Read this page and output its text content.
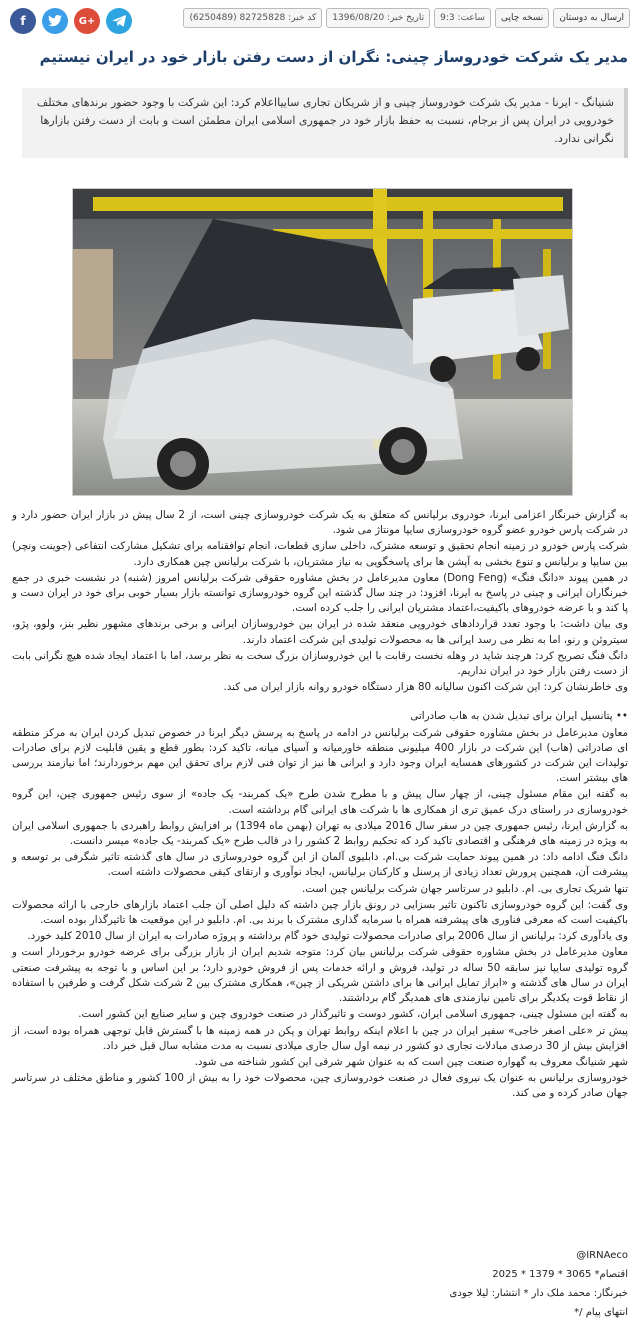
f	G+	کد خبر: 82725828 (6250489)	تاریخ خبر: 1396/08/20	ساعت: 9:3	نسخه چاپی	ارسال به دوستان
مدیر یک شرکت خودروساز چینی: نگران از دست رفتن بازار خود در ایران نیستیم
شنیانگ - ایرنا - مدیر یک شرکت خودروساز چینی و از شریکان تجاری ساییااعلام کرد: این شرکت با وجود حضور برندهای مختلف خودرویی در ایران پس از برجام، نسبت به حفظ بازار خود در جمهوری اسلامی ایران مطمئن است و بابت از دست رفتن بازارها نگرانی ندارد.

به گزارش خبرنگار اعزامی ایرنا، خودروی برلیانس که متعلق به یک شرکت خودروسازی چینی است، از 2 سال پیش در بازار ایران حضور دارد و در شرکت پارس خودرو عضو گروه خودروسازی سایپا مونتاژ می شود.

شرکت پارس خودرو در زمینه انجام تحقیق و توسعه مشترک، داخلی سازی قطعات، انجام توافقنامه برای تشکیل مشارکت انتفاعی (جوینت ونچر) بین سایپا و برلیانس و تنوع بخشی به آپشن ها برای پاسخگویی به نیاز مشتریان، با شرکت برلیانس چین همکاری دارد.

در همین پیوند «دانگ فنگ» (Dong Feng) معاون مدیرعامل در بخش مشاوره حقوقی شرکت برلیانس امروز (شنبه) در نشست خبری در جمع خبرنگاران ایرانی و چینی در پاسخ به ایرنا، افزود: در چند سال گذشته این گروه خودروسازی توانسته بازار بسیار خوبی برای خود در ایران دست و پا کند و با عرضه خودروهای باکیفیت،اعتماد مشتریان ایرانی را جلب کرده است.

وی بیان داشت: با وجود تعدد قراردادهای خودرویی منعقد شده در ایران بین خودروسازان ایرانی و برخی برندهای مشهور نظیر بنز، ولوو، پژو، سیتروئن و رنو، اما به نظر می رسد ایرانی ها به محصولات تولیدی این شرکت اعتماد دارند.

دانگ فنگ تصریح کرد: هرچند شاید در وهله نخست رقابت با این خودروسازان بزرگ سخت به نظر برسد، اما با اعتماد ایجاد شده هیچ نگرانی بابت از دست رفتن بازار خود در ایران نداریم.

وی خاطرنشان کرد: این شرکت اکنون سالیانه 80 هزار دستگاه خودرو روانه بازار ایران می کند.

•• پتانسیل ایران برای تبدیل شدن به هاب صادراتی

معاون مدیرعامل در بخش مشاوره حقوقی شرکت برلیانس در ادامه در پاسخ به پرسش دیگر ایرنا در خصوص تبدیل کردن ایران به مرکز منطقه ای صادراتی (هاب) این شرکت در بازار 400 میلیونی منطقه خاورمیانه و آسیای میانه، تاکید کرد: بطور قطع و یقین قابلیت لازم برای صادرات تولیدات این شرکت در کشورهای همسایه ایران وجود دارد و ایرانی ها نیز از توان فنی لازم برای تحقق این مهم برخوردارند؛ اما نیازمند بررسی های بیشتر است.

به گفته این مقام مسئول چینی، از چهار سال پیش و با مطرح شدن طرح «یک کمربند- یک جاده» از سوی رئیس جمهوری چین، این گروه خودروسازی در راستای درک عمیق تری از همکاری ها با شرکت های ایرانی گام برداشته است.

به گزارش ایرنا، رئیس جمهوری چین در سفر سال 2016 میلادی به تهران (بهمن ماه 1394) بر افزایش روابط راهبردی با جمهوری اسلامی ایران به ویژه در زمینه های فرهنگی و اقتصادی تاکید کرد که تحکیم روابط 2 کشور را در قالب طرح «یک کمربند- یک جاده» میسر دانست.

دانگ فنگ ادامه داد: در همین پیوند حمایت شرکت بی.ام. دابلیوی آلمان از این گروه خودروسازی در سال های گذشته تاثیر شگرفی بر توسعه و پیشرفت آن، همچنین پرورش تعداد زیادی از پرسنل و کارکنان برلیانس، ایجاد نوآوری و ارتقای کیفی محصولات داشته است.

تنها شریک تجاری بی. ام. دابلیو در سرتاسر جهان شرکت برلیانس چین است.

وی گفت: این گروه خودروسازی تاکنون تاثیر بسزایی در رونق بازار چین داشته که دلیل اصلی آن جلب اعتماد بازارهای خارجی با ارائه محصولات باکیفیت است که معرفی فناوری های پیشرفته همراه با سرمایه گذاری مشترک با برند بی. ام. دابلیو در این موقعیت ها تاثیرگذار بوده است.

وی یادآوری کرد: برلیانس از سال 2006 برای صادرات محصولات تولیدی خود گام برداشته و پروژه صادرات به ایران از سال 2010 کلید خورد.

معاون مدیرعامل در بخش مشاوره حقوقی شرکت برلیانس بیان کرد: متوجه شدیم ایران از بازار بزرگی برای عرضه خودرو برخوردار است و گروه تولیدی سایپا نیز سابقه 50 ساله در تولید، فروش و ارائه خدمات پس از فروش خودرو دارد؛ بر این اساس و با توجه به پیشرفت صنعتی ایران در سال های گذشته و «ابراز تمایل ایرانی ها برای داشتن شریکی از چین»، همکاری مشترک بین 2 شرکت شکل گرفت و طرفین با استفاده از نقاط قوت یکدیگر برای تامین نیازمندی های همدیگر گام برداشتند.

به گفته این مسئول چینی، جمهوری اسلامی ایران، کشور دوست و تاثیرگذار در صنعت خودروی چین و سایر صنایع این کشور است.

پیش تر «علی اصغر خاجی» سفیر ایران در چین با اعلام اینکه روابط تهران و پکن در همه زمینه ها با گسترش قابل توجهی همراه بوده است، از افزایش بیش از 30 درصدی مبادلات تجاری دو کشور در نیمه اول سال جاری میلادی نسبت به مدت مشابه سال قبل خبر داد.

شهر شنیانگ معروف به گهواره صنعت چین است که به عنوان شهر شرقی این کشور شناخته می شود.

خودروسازی برلیانس به عنوان یک نیروی فعال در صنعت خودروسازی چین، محصولات خود را به بیش از 100 کشور و مناطق مختلف در سرتاسر جهان صادر کرده و می کند.

IRNAeco@
اقتصام* 3065 * 1379 * 2025
خبرنگار: محمد ملک دار * انتشار: لیلا جودی
انتهای پیام /*
